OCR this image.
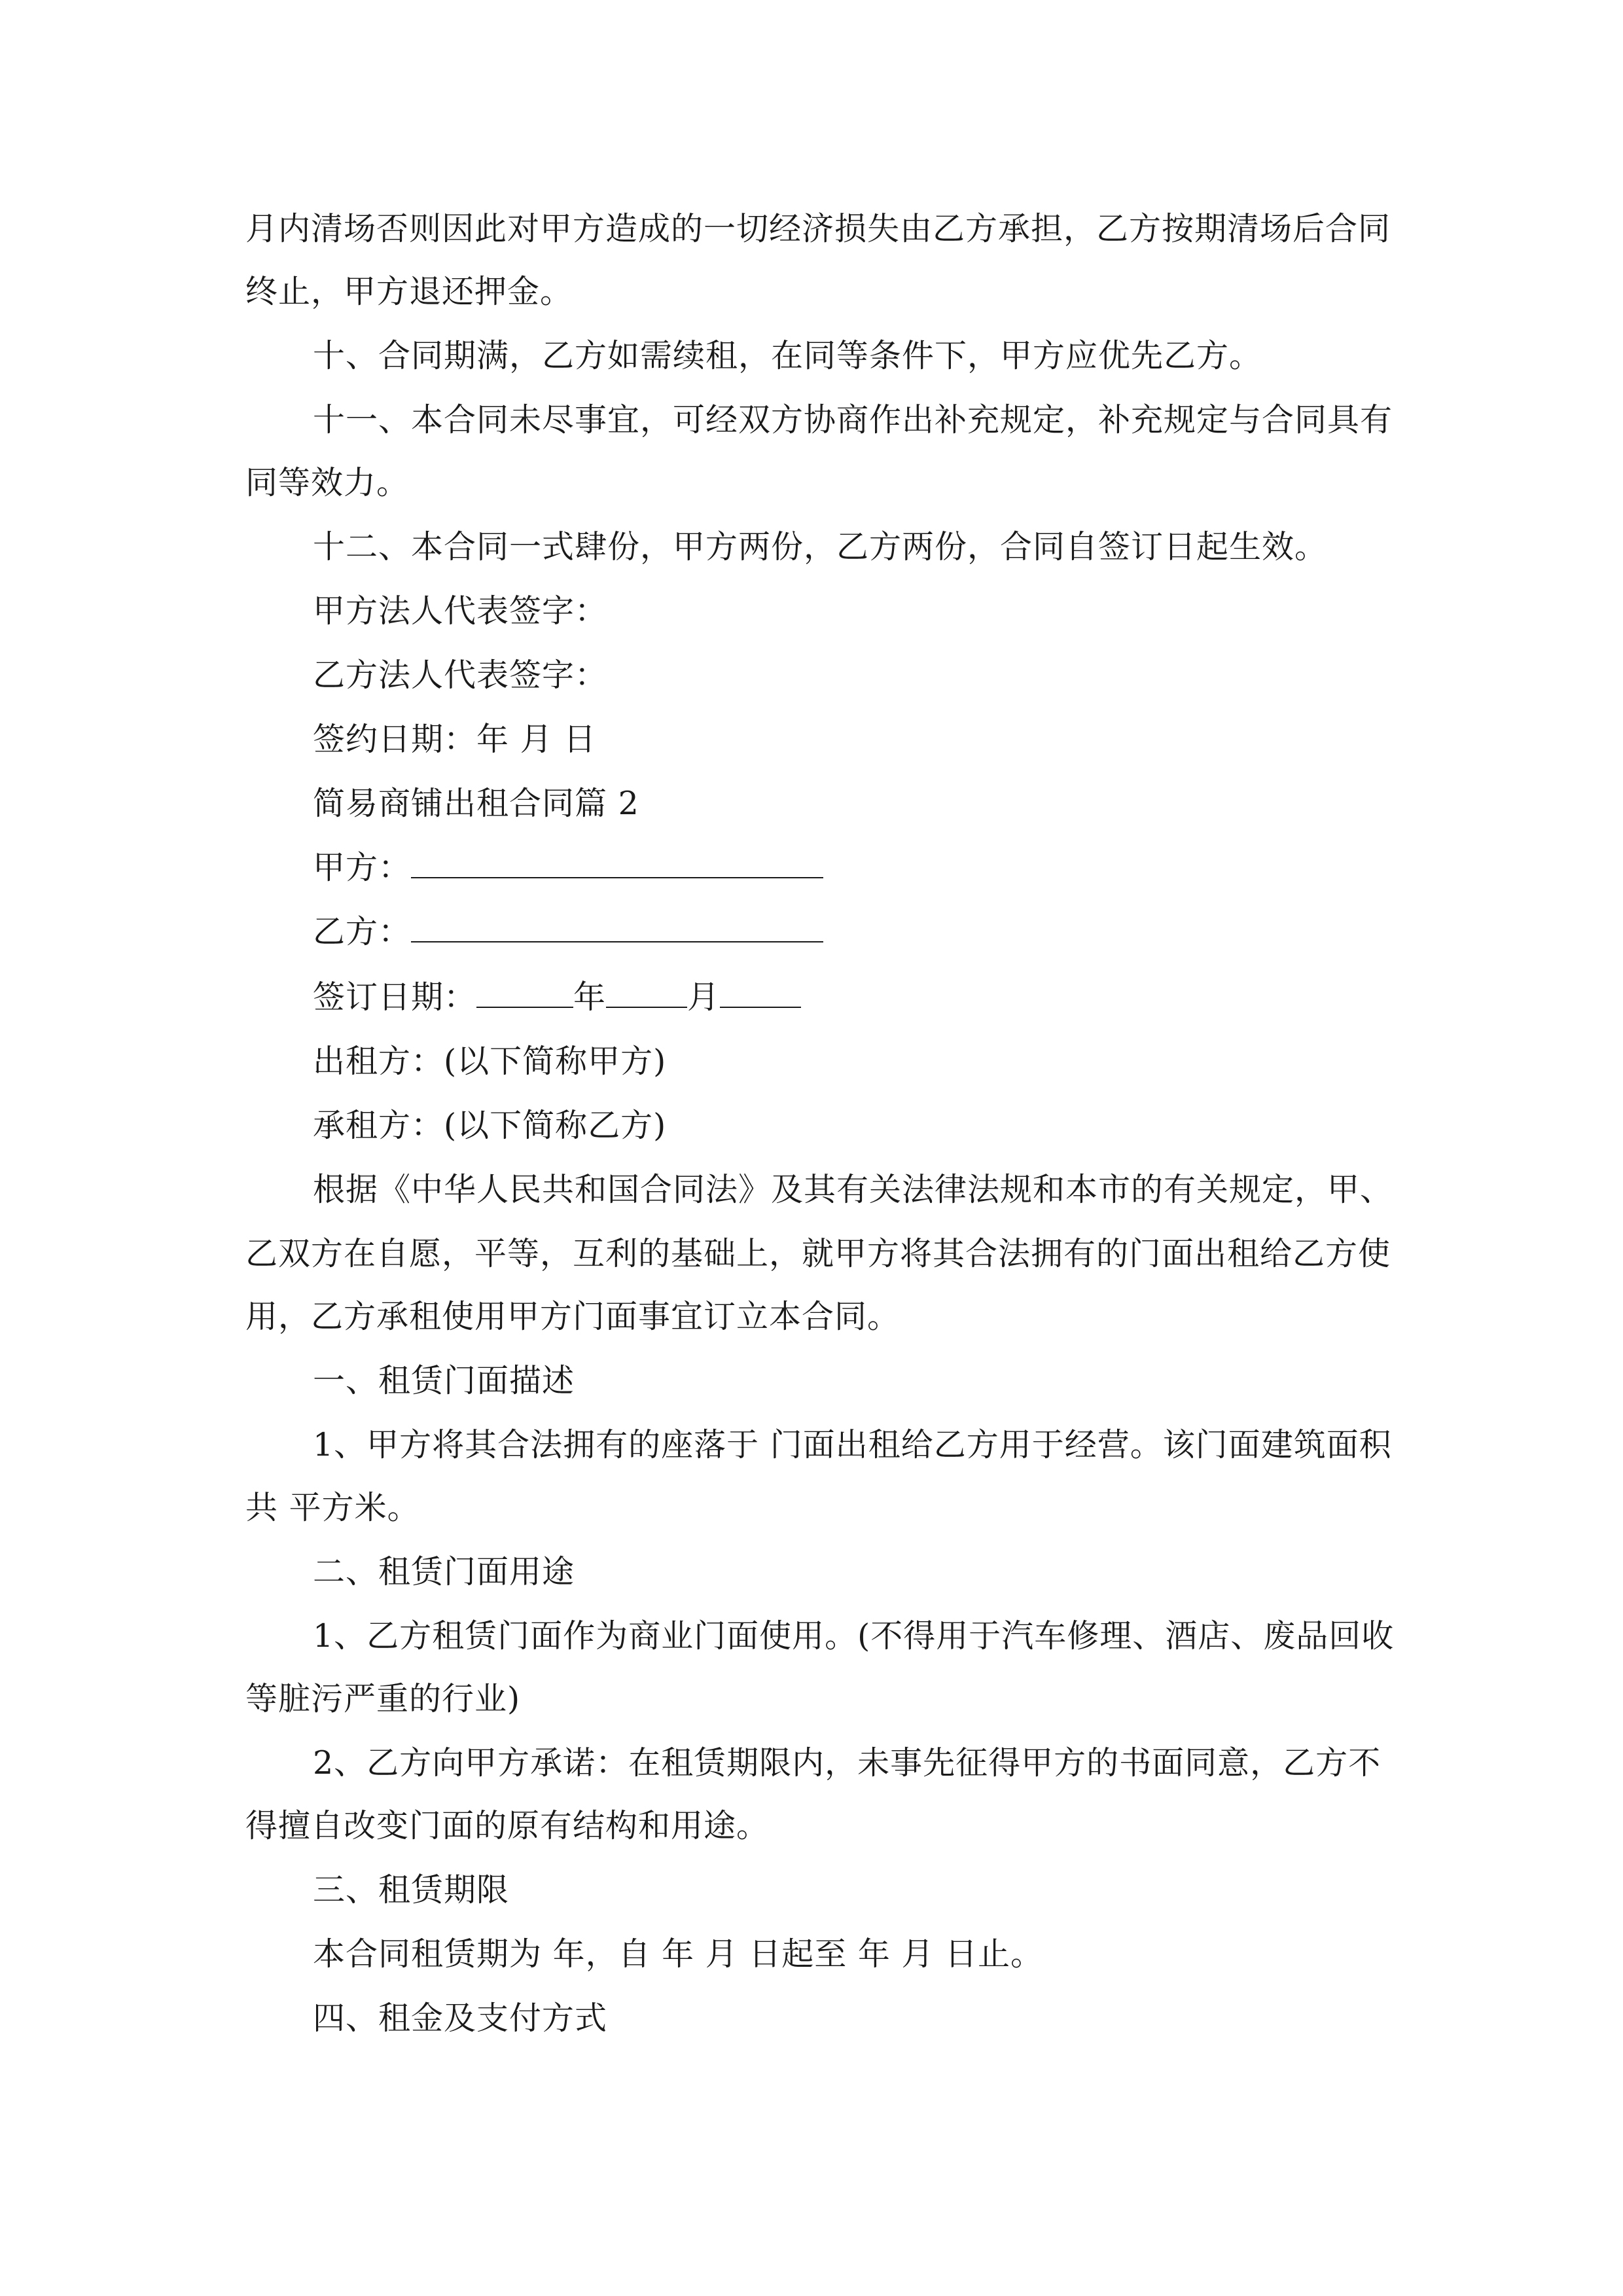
月内清场否则因此对甲方造成的一切经济损失由乙方承担，乙方按期清场后合同
终止，甲方退还押金。
十、合同期满，乙方如需续租，在同等条件下，甲方应优先乙方。
十一、本合同未尽事宜，可经双方协商作出补充规定，补充规定与合同具有
同等效力。
十二、本合同一式肆份，甲方两份，乙方两份，合同自签订日起生效。
甲方法人代表签字：
乙方法人代表签字：
签约日期：年 月 日
简易商铺出租合同篇 2
甲方：
乙方：
签订日期：	年	月
出租方：(以下简称甲方)
承租方：(以下简称乙方)
根据《中华人民共和国合同法》及其有关法律法规和本市的有关规定，甲、
乙双方在自愿，平等，互利的基础上，就甲方将其合法拥有的门面出租给乙方使
用，乙方承租使用甲方门面事宜订立本合同。
一、租赁门面描述
1、甲方将其合法拥有的座落于 门面出租给乙方用于经营。该门面建筑面积
共 平方米。
二、租赁门面用途
1、乙方租赁门面作为商业门面使用。(不得用于汽车修理、酒店、废品回收
等脏污严重的行业)
2、乙方向甲方承诺：在租赁期限内，未事先征得甲方的书面同意，乙方不
得擅自改变门面的原有结构和用途。
三、租赁期限
本合同租赁期为 年，自 年 月 日起至 年 月 日止。
四、租金及支付方式
